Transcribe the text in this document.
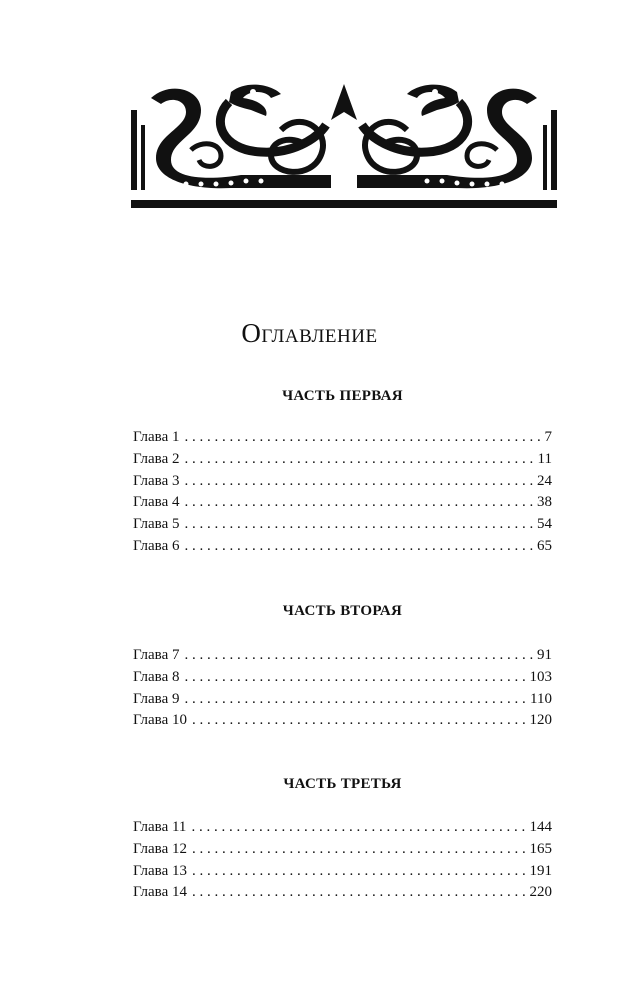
Оглавление
ЧАСТЬ ПЕРВАЯ
Глава 1 . . .	7
Глава 2 . . .	11
Глава 3 . . .	24
Глава 4 . . .	38
Глава 5 . . .	54
Глава 6 . . .	65
ЧАСТЬ ВТОРАЯ
Глава 7 . . .	91
Глава 8 . . .	103
Глава 9 . . .	110
Глава 10 . . .	120
ЧАСТЬ ТРЕТЬЯ
Глава 11 . . .	144
Глава 12 . . .	165
Глава 13 . . .	191
Глава 14 . . .	220
